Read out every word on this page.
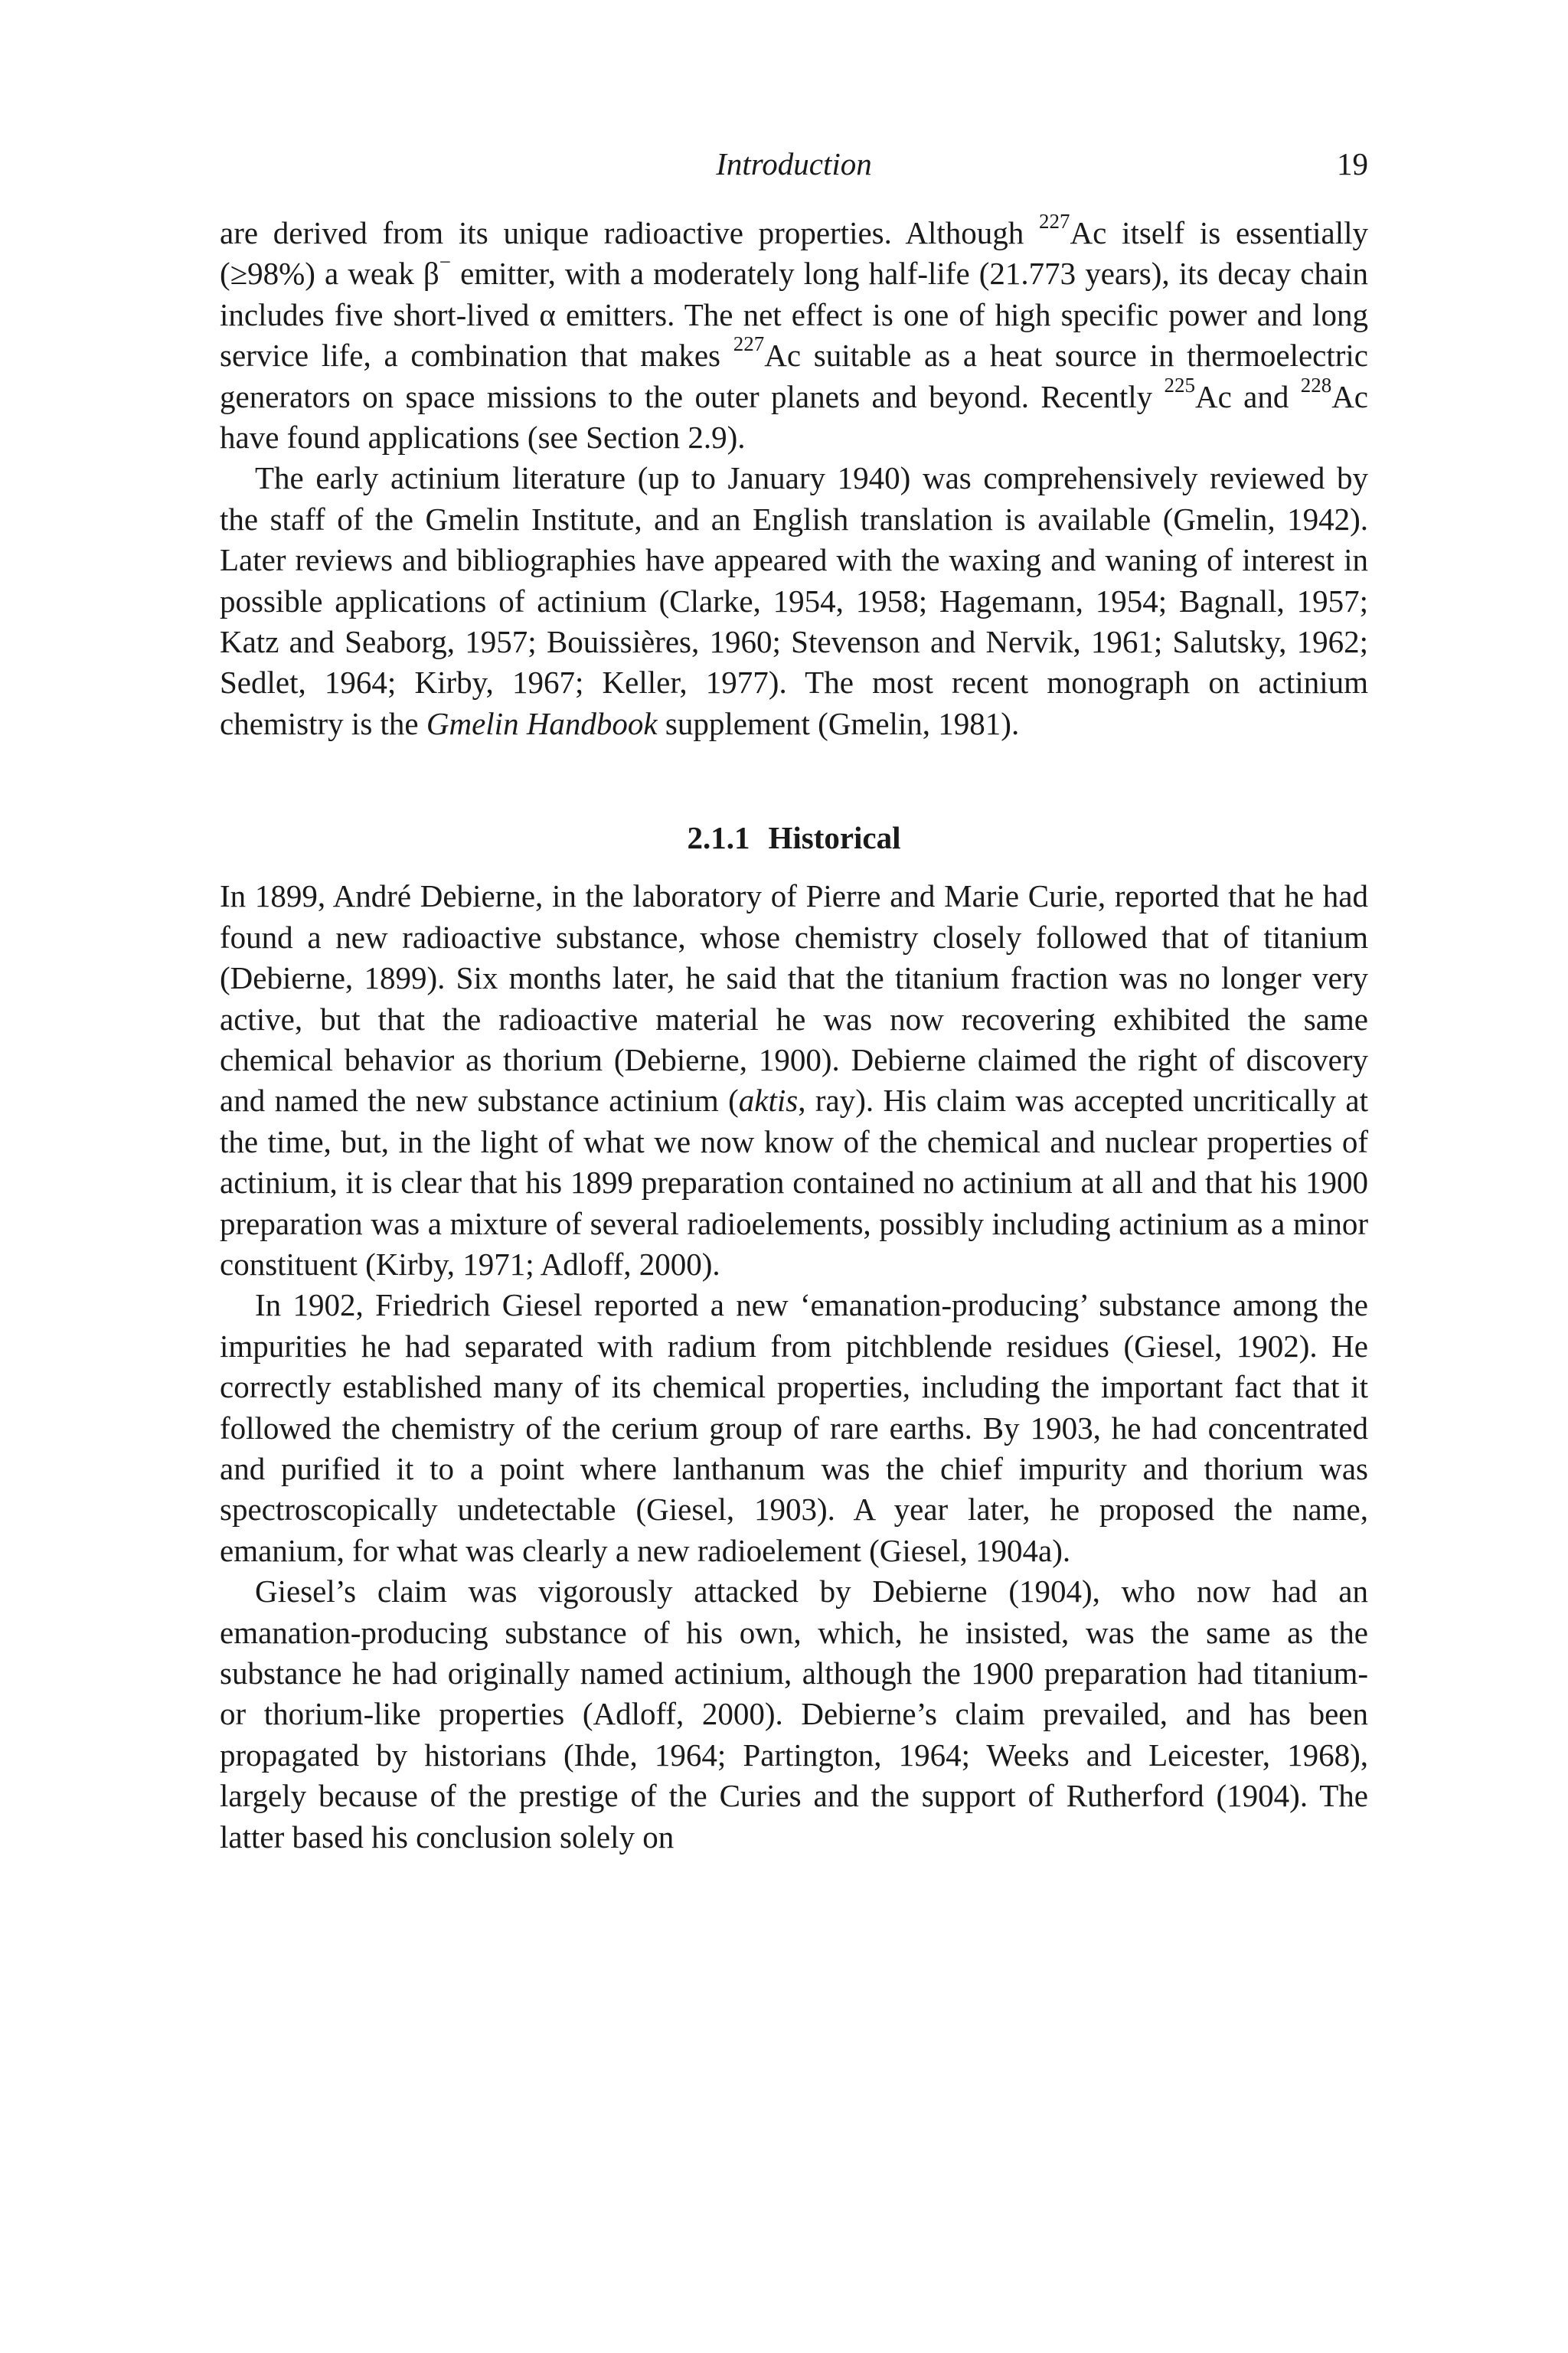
Introduction	19

are derived from its unique radioactive properties. Although $^{227}$Ac itself is essentially (≥98%) a weak β− emitter, with a moderately long half-life (21.773 years), its decay chain includes five short-lived α emitters. The net effect is one of high specific power and long service life, a combination that makes $^{227}$Ac suitable as a heat source in thermoelectric generators on space missions to the outer planets and beyond. Recently $^{225}$Ac and $^{228}$Ac have found applications (see Section 2.9).

The early actinium literature (up to January 1940) was comprehensively reviewed by the staff of the Gmelin Institute, and an English translation is available (Gmelin, 1942). Later reviews and bibliographies have appeared with the waxing and waning of interest in possible applications of actinium (Clarke, 1954, 1958; Hagemann, 1954; Bagnall, 1957; Katz and Seaborg, 1957; Bouissières, 1960; Stevenson and Nervik, 1961; Salutsky, 1962; Sedlet, 1964; Kirby, 1967; Keller, 1977). The most recent monograph on actinium chemistry is the Gmelin Handbook supplement (Gmelin, 1981).

2.1.1 Historical

In 1899, André Debierne, in the laboratory of Pierre and Marie Curie, reported that he had found a new radioactive substance, whose chemistry closely followed that of titanium (Debierne, 1899). Six months later, he said that the titanium fraction was no longer very active, but that the radioactive material he was now recovering exhibited the same chemical behavior as thorium (Debierne, 1900). Debierne claimed the right of discovery and named the new substance actinium (aktis, ray). His claim was accepted uncritically at the time, but, in the light of what we now know of the chemical and nuclear properties of actinium, it is clear that his 1899 preparation contained no actinium at all and that his 1900 preparation was a mixture of several radioelements, possibly including actinium as a minor constituent (Kirby, 1971; Adloff, 2000).

In 1902, Friedrich Giesel reported a new ‘emanation-producing’ substance among the impurities he had separated with radium from pitchblende residues (Giesel, 1902). He correctly established many of its chemical properties, including the important fact that it followed the chemistry of the cerium group of rare earths. By 1903, he had concentrated and purified it to a point where lanthanum was the chief impurity and thorium was spectroscopically undetectable (Giesel, 1903). A year later, he proposed the name, emanium, for what was clearly a new radioelement (Giesel, 1904a).

Giesel’s claim was vigorously attacked by Debierne (1904), who now had an emanation-producing substance of his own, which, he insisted, was the same as the substance he had originally named actinium, although the 1900 preparation had titanium- or thorium-like properties (Adloff, 2000). Debierne’s claim prevailed, and has been propagated by historians (Ihde, 1964; Partington, 1964; Weeks and Leicester, 1968), largely because of the prestige of the Curies and the support of Rutherford (1904). The latter based his conclusion solely on
